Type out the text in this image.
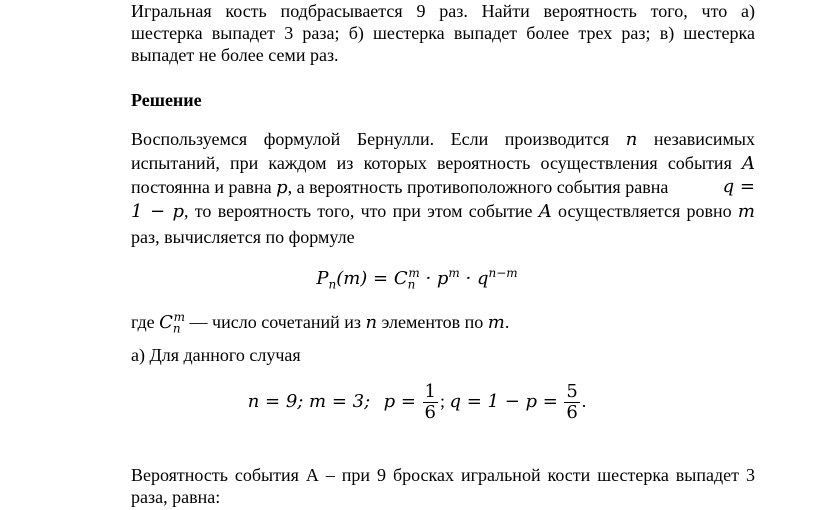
Игральная кость подбрасывается 9 раз. Найти вероятность того, что а)
шестерка выпадет 3 раза; б) шестерка выпадет более трех раз; в) шестерка
выпадет не более семи раз.
Решение
Воспользуемся формулой Бернулли. Если производится n независимых
испытаний, при каждом из которых вероятность осуществления события A
постоянна и равна p, а вероятность противоположного события равна	q =
1 − p, то вероятность того, что при этом событие A осуществляется ровно m
раз, вычисляется по формуле
$P_n(m) = C_n^m \cdot p^m \cdot q^{n-m}$
где $C_n^m$ — число сочетаний из n элементов по m.
а) Для данного случая
n = 9; m = 3; $p = \frac{1}{6}$ ; $q = 1 - p = \frac{5}{6}$ .
Вероятность события А – при 9 бросках игральной кости шестерка выпадет 3
раза, равна:
